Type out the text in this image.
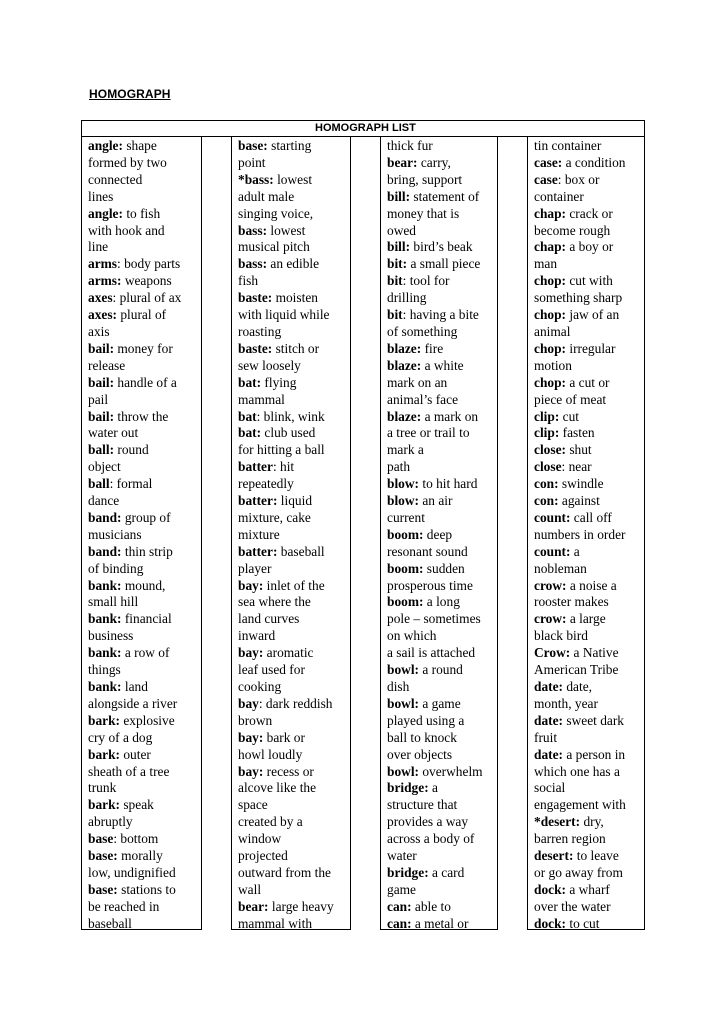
HOMOGRAPH
HOMOGRAPH LIST
angle: shape
formed by two
connected
lines
angle: to fish
with hook and
line
arms: body parts
arms: weapons
axes: plural of ax
axes: plural of
axis
bail: money for
release
bail: handle of a
pail
bail: throw the
water out
ball: round
object
ball: formal
dance
band: group of
musicians
band: thin strip
of binding
bank: mound,
small hill
bank: financial
business
bank: a row of
things
bank: land
alongside a river
bark: explosive
cry of a dog
bark: outer
sheath of a tree
trunk
bark: speak
abruptly
base: bottom
base: morally
low, undignified
base: stations to
be reached in
baseball
base: starting
point
*bass: lowest
adult male
singing voice,
bass: lowest
musical pitch
bass: an edible
fish
baste: moisten
with liquid while
roasting
baste: stitch or
sew loosely
bat: flying
mammal
bat: blink, wink
bat: club used
for hitting a ball
batter: hit
repeatedly
batter: liquid
mixture, cake
mixture
batter: baseball
player
bay: inlet of the
sea where the
land curves
inward
bay: aromatic
leaf used for
cooking
bay: dark reddish
brown
bay: bark or
howl loudly
bay: recess or
alcove like the
space
created by a
window
projected
outward from the
wall
bear: large heavy
mammal with
thick fur
bear: carry,
bring, support
bill: statement of
money that is
owed
bill: bird’s beak
bit: a small piece
bit: tool for
drilling
bit: having a bite
of something
blaze: fire
blaze: a white
mark on an
animal’s face
blaze: a mark on
a tree or trail to
mark a
path
blow: to hit hard
blow: an air
current
boom: deep
resonant sound
boom: sudden
prosperous time
boom: a long
pole – sometimes
on which
a sail is attached
bowl: a round
dish
bowl: a game
played using a
ball to knock
over objects
bowl: overwhelm
bridge: a
structure that
provides a way
across a body of
water
bridge: a card
game
can: able to
can: a metal or
tin container
case: a condition
case: box or
container
chap: crack or
become rough
chap: a boy or
man
chop: cut with
something sharp
chop: jaw of an
animal
chop: irregular
motion
chop: a cut or
piece of meat
clip: cut
clip: fasten
close: shut
close: near
con: swindle
con: against
count: call off
numbers in order
count: a
nobleman
crow: a noise a
rooster makes
crow: a large
black bird
Crow: a Native
American Tribe
date: date,
month, year
date: sweet dark
fruit
date: a person in
which one has a
social
engagement with
*desert: dry,
barren region
desert: to leave
or go away from
dock: a wharf
over the water
dock: to cut
